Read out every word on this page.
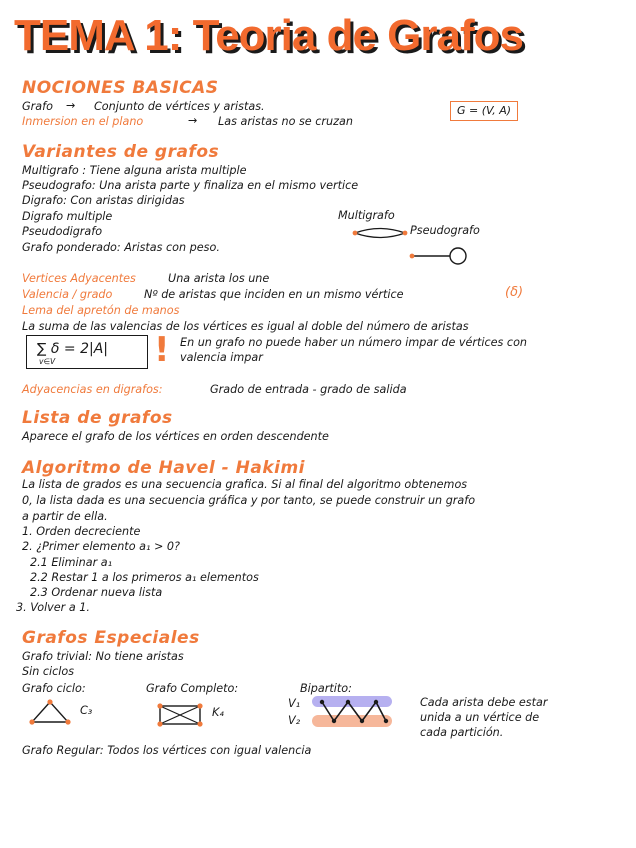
TEMA 1: Teoria de Grafos
NOCIONES BASICAS
Grafo → Conjunto de vértices y aristas.
Inmersion en el plano	→ Las aristas no se cruzan
G = (V, A)
Variantes de grafos
Multigrafo : Tiene alguna arista multiple
Pseudografo: Una arista parte y finaliza en el mismo vertice
Digrafo: Con aristas dirigidas
Digrafo multiple
Pseudodigrafo
Grafo ponderado: Aristas con peso.
Multigrafo
Pseudografo
Vertices Adyacentes	Una arista los une
Valencia / grado	Nº de aristas que inciden en un mismo vértice	(δ)
Lema del apretón de manos
La suma de las valencias de los vértices es igual al doble del número de aristas
∑ δ = 2|A|
v∈V	! En un grafo no puede haber un número impar de vértices con
valencia impar
Adyacencias en digrafos:	Grado de entrada - grado de salida
Lista de grafos
Aparece el grafo de los vértices en orden descendente
Algoritmo de Havel - Hakimi
La lista de grados es una secuencia grafica. Si al final del algoritmo obtenemos
0, la lista dada es una secuencia gráfica y por tanto, se puede construir un grafo
a partir de ella.
1. Orden decreciente
2. ¿Primer elemento a₁ > 0?
2.1 Eliminar a₁
2.2 Restar 1 a los primeros a₁ elementos
2.3 Ordenar nueva lista
3. Volver a 1.
Grafos Especiales
Grafo trivial: No tiene aristas
Sin ciclos
Grafo ciclo:	Grafo Completo:	Bipartito:
C₃	K₄
V₁
V₂
Cada arista debe estar
unida a un vértice de
cada partición.
Grafo Regular: Todos los vértices con igual valencia
